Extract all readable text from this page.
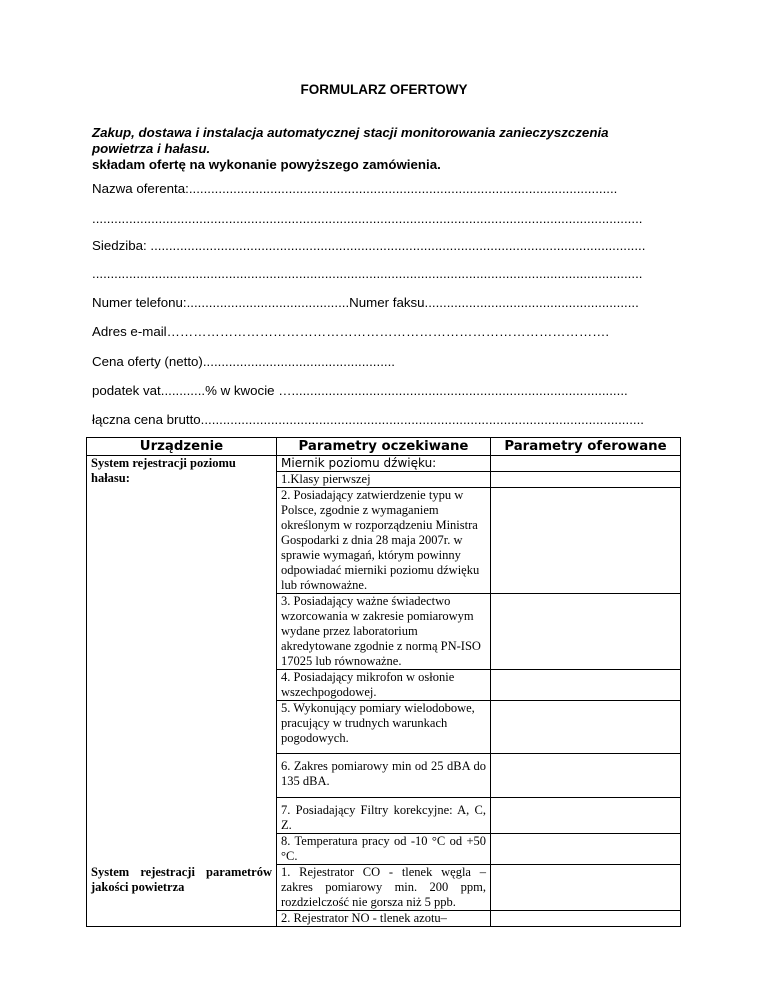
FORMULARZ OFERTOWY
Zakup, dostawa i instalacja automatycznej stacji monitorowania zanieczyszczenia powietrza i hałasu.
składam ofertę na wykonanie powyższego zamówienia.
Nazwa oferenta:....................................................................................................................
.....................................................................................................................................................
Siedziba: ......................................................................................................................................
.....................................................................................................................................................
Numer telefonu:............................................Numer faksu..........................................................
Adres e-mail……………………………………………………………………………………….
Cena oferty (netto)....................................................
podatek vat............% w kwocie …...........................................................................................
łączna cena brutto........................................................................................................................
Urządzenie	Parametry oczekiwane	Parametry oferowane

System rejestracji poziomu hałasu:	Miernik poziomu dźwięku:	

	1.Klasy pierwszej	

	2. Posiadający zatwierdzenie typu w Polsce, zgodnie z wymaganiem określonym w rozporządzeniu Ministra Gospodarki z dnia 28 maja 2007r. w sprawie wymagań, którym powinny odpowiadać mierniki poziomu dźwięku lub równoważne.	

	3. Posiadający ważne świadectwo wzorcowania w zakresie pomiarowym wydane przez laboratorium akredytowane zgodnie z normą PN-ISO 17025 lub równoważne.	

	4. Posiadający mikrofon w osłonie wszechpogodowej.	

	5. Wykonujący pomiary wielodobowe, pracujący w trudnych warunkach pogodowych.	

	6. Zakres pomiarowy min od 25 dBA do 135 dBA.	

	7. Posiadający Filtry korekcyjne: A, C, Z.	

	8. Temperatura pracy od -10 °C od +50 °C.	

System rejestracji parametrów jakości powietrza	1. Rejestrator CO - tlenek węgla – zakres pomiarowy min. 200 ppm, rozdzielczość nie gorsza niż 5 ppb.	

	2. Rejestrator NO - tlenek azotu–	
